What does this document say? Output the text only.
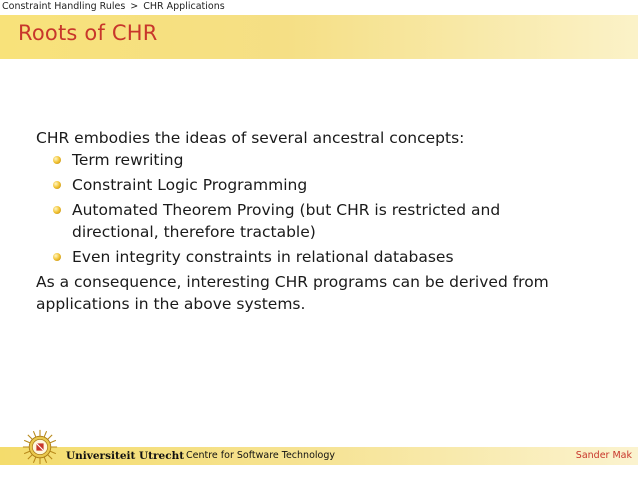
Constraint Handling Rules > CHR Applications
Roots of CHR

CHR embodies the ideas of several ancestral concepts:

Term rewriting
Constraint Logic Programming
Automated Theorem Proving (but CHR is restricted and directional, therefore tractable)
Even integrity constraints in relational databases

As a consequence, interesting CHR programs can be derived from applications in the above systems.

Universiteit Utrecht Centre for Software Technology	Sander Mak
